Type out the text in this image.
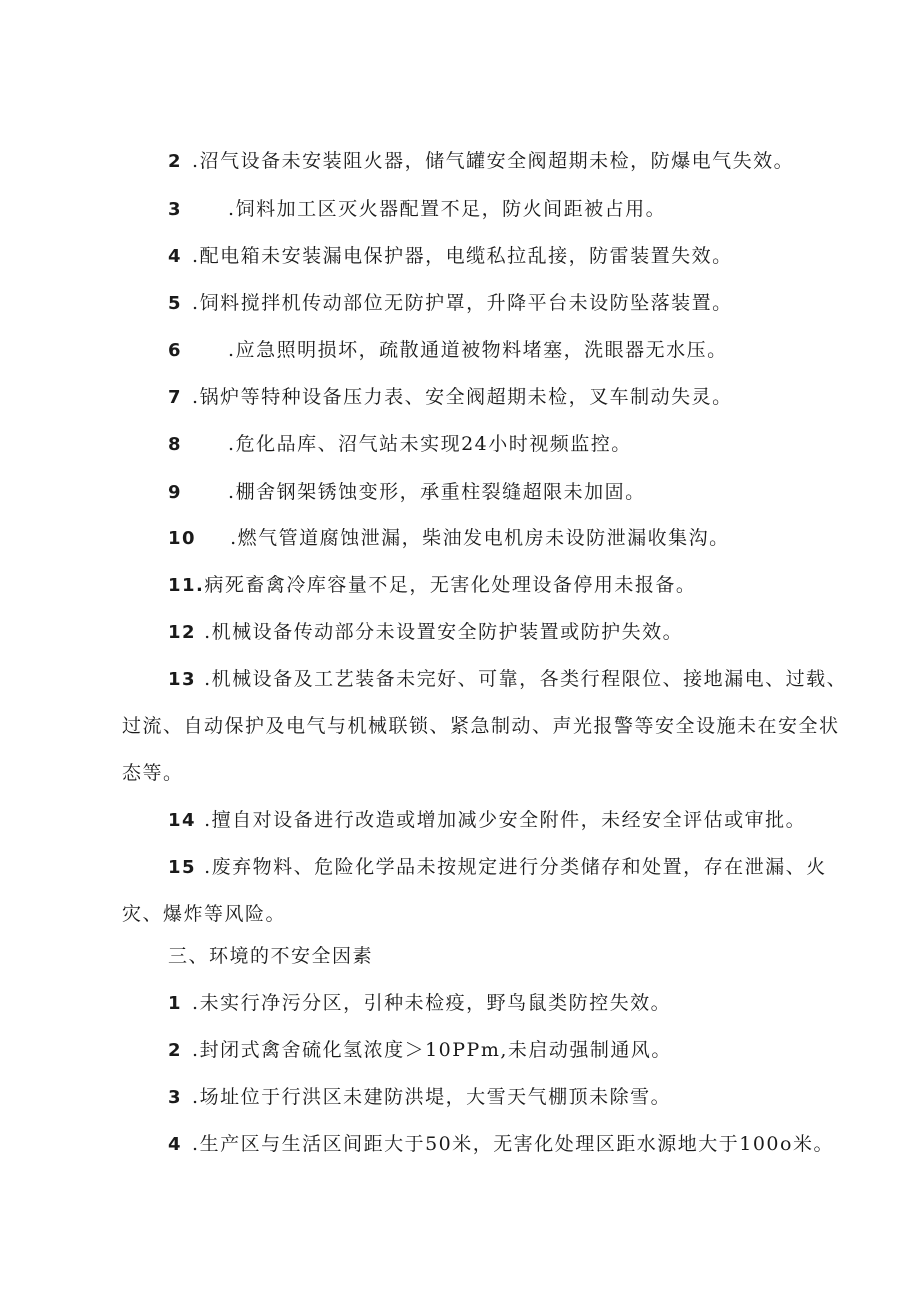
2 .沼气设备未安装阻火器，储气罐安全阀超期未检，防爆电气失效。
3 .饲料加工区灭火器配置不足，防火间距被占用。
4 .配电箱未安装漏电保护器，电缆私拉乱接，防雷装置失效。
5 .饲料搅拌机传动部位无防护罩，升降平台未设防坠落装置。
6 .应急照明损坏，疏散通道被物料堵塞，洗眼器无水压。
7 .锅炉等特种设备压力表、安全阀超期未检，叉车制动失灵。
8 .危化品库、沼气站未实现24小时视频监控。
9 .棚舍钢架锈蚀变形，承重柱裂缝超限未加固。
10 .燃气管道腐蚀泄漏，柴油发电机房未设防泄漏收集沟。
11.病死畜禽冷库容量不足，无害化处理设备停用未报备。
12 .机械设备传动部分未设置安全防护装置或防护失效。
13 .机械设备及工艺装备未完好、可靠，各类行程限位、接地漏电、过载、
过流、自动保护及电气与机械联锁、紧急制动、声光报警等安全设施未在安全状
态等。
14 .擅自对设备进行改造或增加减少安全附件，未经安全评估或审批。
15 .废弃物料、危险化学品未按规定进行分类储存和处置，存在泄漏、火
灾、爆炸等风险。
三、环境的不安全因素
1 .未实行净污分区，引种未检疫，野鸟鼠类防控失效。
2 .封闭式禽舍硫化氢浓度＞10PPm,未启动强制通风。
3 .场址位于行洪区未建防洪堤，大雪天气棚顶未除雪。
4 .生产区与生活区间距大于50米，无害化处理区距水源地大于100o米。
